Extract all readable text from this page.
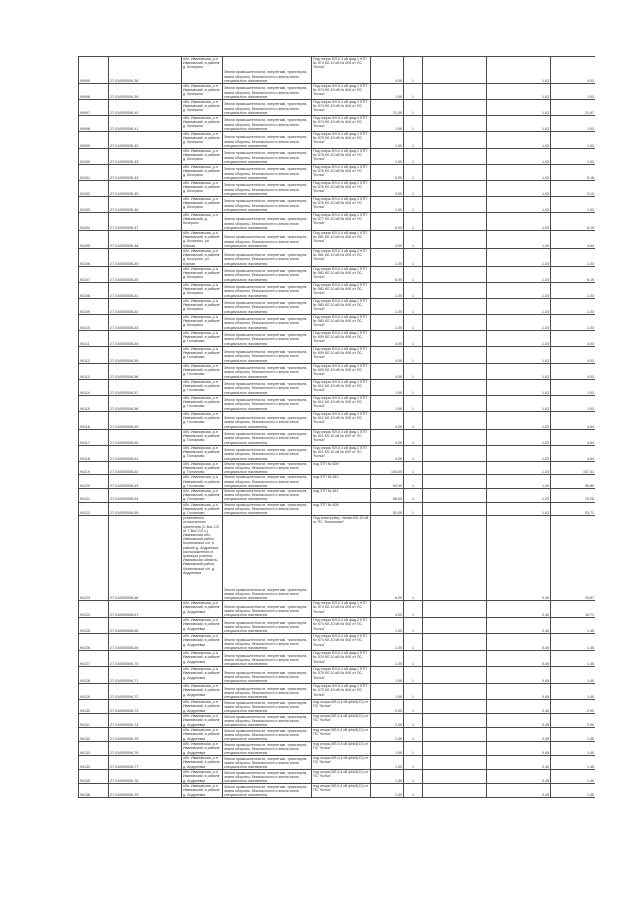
94095	27-01/00/0006-38	обл. Ивановская, р-н Ивановский, в районе д. Кочерино	Земли промышленности, энергетики, транспорта, земли обороны, безопасности и земли иного специального назначения	Под опоры ВЛ-0,4 кВ фид.1 КТП № 574 КЛ-10 кВ № 604 от ПС "Котья"	4,00	1		1,03	4,03
94096	27-01/00/0006-39	обл. Ивановская, р-н Ивановский, в районе д. Кочерино	Земли промышленности, энергетики, транспорта, земли обороны, безопасности и земли иного специального назначения	Под опоры ВЛ-0,4 кВ фид.2 КТП № 574 КЛ-10 кВ № 604 от ПС "Котья"	1,00	1		1,03	1,03
94097	27-01/00/0006-40	обл. Ивановская, р-н Ивановский, в районе д. Кочерино	Земли промышленности, энергетики, транспорта, земли обороны, безопасности и земли иного специального назначения	Под опоры ВЛ-0,4 кВ фид.3 КТП № 574 КЛ-10 кВ № 604 от ПС "Котья"	21,00	1		1,03	21,67
94098	27-01/00/0006-41	обл. Ивановская, р-н Ивановский, в районе д. Кочерино	Земли промышленности, энергетики, транспорта, земли обороны, безопасности и земли иного специального назначения	Под опоры ВЛ-0,4 кВ фид.4 КТП № 574 КЛ-10 кВ № 604 от ПС "Котья"	1,00	1		1,03	1,03
94099	27-01/00/0006-42	обл. Ивановская, р-н Ивановский, в районе д. Кочерино	Земли промышленности, энергетики, транспорта, земли обороны, безопасности и земли иного специального назначения	Под опоры ВЛ-0,4 кВ фид.1 КТП № 575 КЛ-10 кВ № 604 от ПС "Котья"	1,00	1		1,03	1,03
94100	27-01/00/0006-43	обл. Ивановская, р-н Ивановский, в районе д. Кочерино	Земли промышленности, энергетики, транспорта, земли обороны, безопасности и земли иного специального назначения	Под опоры ВЛ-0,4 кВ фид.2 КТП № 575 КЛ-10 кВ № 604 от ПС "Котья"	1,00	1		1,03	1,03
94101	27-01/00/0006-44	обл. Ивановская, р-н Ивановский, в районе д. Кочерино	Земли промышленности, энергетики, транспорта, земли обороны, безопасности и земли иного специального назначения	Под опоры ВЛ-0,4 кВ фид.1 КТП № 576 КЛ-10 кВ № 604 от ПС "Котья"	5,00	1		1,03	5,16
94102	27-01/00/0006-45	обл. Ивановская, р-н Ивановский, в районе д. Кочерино	Земли промышленности, энергетики, транспорта, земли обороны, безопасности и земли иного специального назначения	Под опоры ВЛ-0,4 кВ фид.2 КТП № 576 КЛ-10 кВ № 604 от ПС "Котья"	3,00	1		1,03	3,10
94103	27-01/00/0006-46	обл. Ивановская, р-н Ивановский, в районе д. Кочерино	Земли промышленности, энергетики, транспорта, земли обороны, безопасности и земли иного специального назначения	Под опоры ВЛ-0,4 кВ фид.3 КТП № 576 КЛ-10 кВ № 604 от ПС "Котья"	1,00	1		1,03	1,03
94104	27-01/00/0006-47	обл. Ивановская, р-н Ивановский, д. Кочерино	Земли промышленности, энергетики, транспорта, земли обороны, безопасности и земли иного специального назначения	Под опоры ВЛ-0,4 кВ фид.1 КТП № 577 КЛ-10 кВ № 604 от ПС "Котья"	6,00	1		1,03	6,19
94105	27-01/00/0006-48	обл. Ивановская, р-н Ивановский, в районе д. Кочерино, ул. Южная	Земли промышленности, энергетики, транспорта, земли обороны, безопасности и земли иного специального назначения	Под опоры ВЛ-0,4 кВ фид.1 КТП № 581 КЛ-10 кВ № 604 от ПС "Котья"	4,00	1		1,03	4,64
94106	27-01/00/0006-49	обл. Ивановская, р-н Ивановский, в районе д. Кочерино, ул. Южная	Земли промышленности, энергетики, транспорта, земли обороны, безопасности и земли иного специального назначения	Под опоры ВЛ-0,4 кВ фид.2 КТП № 581 КЛ-10 кВ № 604 от ПС "Котья"	1,00	1		1,03	1,03
94107	27-01/00/0006-50	обл. Ивановская, р-н Ивановский, в районе д. Кочерино	Земли промышленности, энергетики, транспорта, земли обороны, безопасности и земли иного специального назначения	Под опоры ВЛ-0,4 кВ фид.1 КТП № 582 КЛ-10 кВ № 604 от ПС "Котья"	6,00	1		1,03	6,19
94108	27-01/00/0006-51	обл. Ивановская, р-н Ивановский, в районе д. Кочерино	Земли промышленности, энергетики, транспорта, земли обороны, безопасности и земли иного специального назначения	Под опоры ВЛ-0,4 кВ фид.2 КТП № 582 КЛ-10 кВ № 604 от ПС "Котья"	1,00	1		1,03	1,03
94109	27-01/00/0006-52	обл. Ивановская, р-н Ивановский, в районе д. Кочерино	Земли промышленности, энергетики, транспорта, земли обороны, безопасности и земли иного специального назначения	Под опоры ВЛ-0,4 кВ фид.1 КТП № 583 КЛ-10 кВ № 604 от ПС "Котья"	1,00	1		1,03	1,03
94110	27-01/00/0006-53	обл. Ивановская, р-н Ивановский, в районе д. Кочерино	Земли промышленности, энергетики, транспорта, земли обороны, безопасности и земли иного специального назначения	Под опоры ВЛ-0,4 кВ фид.2 КТП № 583 КЛ-10 кВ № 604 от ПС "Котья"	1,00	1		1,03	1,03
94111	27-01/00/0006-54	обл. Ивановская, р-н Ивановский, в районе д. Голчаново	Земли промышленности, энергетики, транспорта, земли обороны, безопасности и земли иного специального назначения	Под опоры ВЛ-0,4 кВ фид.1 КТП № 609 КЛ-10 кВ № 609 от ПС "Котья"	4,00	1		1,03	4,03
94112	27-01/00/0006-55	обл. Ивановская, р-н Ивановский, в районе д. Голчаново	Земли промышленности, энергетики, транспорта, земли обороны, безопасности и земли иного специального назначения	Под опоры ВЛ-0,4 кВ фид.2 КТП № 609 КЛ-10 кВ № 609 от ПС "Котья"	4,00	1		1,03	4,03
94113	27-01/00/0006-56	обл. Ивановская, р-н Ивановский, в районе д. Голчаново	Земли промышленности, энергетики, транспорта, земли обороны, безопасности и земли иного специального назначения	Под опоры ВЛ-0,4 кВ фид.3 КТП № 609 КЛ-10 кВ № 609 от ПС "Котья"	4,00	1		1,03	4,03
94114	27-01/00/0006-57	обл. Ивановская, р-н Ивановский, в районе д. Голчаново	Земли промышленности, энергетики, транспорта, земли обороны, безопасности и земли иного специального назначения	Под опоры ВЛ-0,4 кВ фид.1 КТП № 610 КЛ-10 кВ № 609 от ПС "Котья"	1,00	1		1,03	1,03
94115	27-01/00/0006-58	обл. Ивановская, р-н Ивановский, в районе д. Голчаново	Земли промышленности, энергетики, транспорта, земли обороны, безопасности и земли иного специального назначения	Под опоры ВЛ-0,4 кВ фид.2 КТП № 610 КЛ-10 кВ № 609 от ПС "Котья"	1,00	1		1,03	1,03
94116	27-01/00/0006-59	обл. Ивановская, р-н Ивановский, в районе д. Голчаново	Земли промышленности, энергетики, транспорта, земли обороны, безопасности и земли иного специального назначения	Под опоры ВЛ-0,4 кВ фид.3 КТП № 610 КЛ-10 кВ № 609 от ПС "Котья"	4,00	1		1,03	4,64
94117	27-01/00/0006-60	обл. Ивановская, р-н Ивановский, в районе д. Голчаново	Земли промышленности, энергетики, транспорта, земли обороны, безопасности и земли иного специального назначения	Под опоры ВЛ-0,4 кВ фид.1 КТП № 611 КЛ-10 кВ № 609 от ПС "Котья"	4,00	1		1,03	4,64
94118	27-01/00/0006-61	обл. Ивановская, р-н Ивановский, в районе д. Голчаново	Земли промышленности, энергетики, транспорта, земли обороны, безопасности и земли иного специального назначения	Под опоры ВЛ-0,4 кВ фид.2 КТП № 611 КЛ-10 кВ № 609 от ПС "Котья"	4,00	1		1,03	4,64
94119	27-01/00/0006-62	обл. Ивановская, р-н Ивановский, в районе д. Голчаново	Земли промышленности, энергетики, транспорта, земли обороны, безопасности и земли иного специального назначения	под ЗТП № 609	104,00	1		1,03	107,41
94120	27-01/00/0006-63	обл. Ивановская, р-н Ивановский, в районе д. Голчаново	Земли промышленности, энергетики, транспорта, земли обороны, безопасности и земли иного специального назначения	под ЗТП № 610	54,00	1		1,03	55,80
94121	27-01/00/0006-64	обл. Ивановская, р-н Ивановский, в районе д. Голчаново	Земли промышленности, энергетики, транспорта, земли обороны, безопасности и земли иного специального назначения	под ЗТП № 611	68,00	1		1,03	70,25
94122	27-01/00/0006-65	обл. Ивановская, р-н Ивановский, в районе д. Голчаново	Земли промышленности, энергетики, транспорта, земли обороны, безопасности и земли иного специального назначения	под ЗТП № 609	52,00	1		1,03	53,71
94123	27-01/00/0006-66	установлено относительно ориентира (С-Вос 1/3 от Г-Вос 2/3 ч.) Ивановская обл., Ивановский район, Коляновское с/п, в районе д. Андреевка, расположенного в границах участка. Ивановская область, Ивановский район, Коляновское с/п, д. Андреевка	Земли промышленности, энергетики, транспорта, земли обороны, безопасности и земли иного специального назначения	Под электропер. линию ВЛ-10 кВ от ПС "Кольяново"	6,00	1		0,45	15,87
94124	27-01/00/0006-67	обл. Ивановская, р-н Ивановский, в районе д. Андреевка	Земли промышленности, энергетики, транспорта, земли обороны, безопасности и земли иного специального назначения	Под опоры ВЛ-0,4 кВ фид.1 КТП № 574 КЛ-10 кВ № 604 от ПС "Котья"	4,00	1		0,45	10,71
94125	27-01/00/0006-68	обл. Ивановская, р-н Ивановский, в районе д. Андреевка	Земли промышленности, энергетики, транспорта, земли обороны, безопасности и земли иного специального назначения	Под опоры ВЛ-0,4 кВ фид.2 КТП № 574 КЛ-10 кВ № 604 от ПС "Котья"	1,00	1		0,45	1,45
94126	27-01/00/0006-69	обл. Ивановская, р-н Ивановский, в районе д. Андреевка	Земли промышленности, энергетики, транспорта, земли обороны, безопасности и земли иного специального назначения	Под опоры ВЛ-0,4 кВ фид.3 КТП № 574 КЛ-10 кВ № 604 от ПС "Котья"	1,00	1		0,45	1,45
94127	27-01/00/0006-70	обл. Ивановская, р-н Ивановский, в районе д. Андреевка	Земли промышленности, энергетики, транспорта, земли обороны, безопасности и земли иного специального назначения	Под опоры ВЛ-0,4 кВ фид.4 КТП № 574 КЛ-10 кВ № 604 от ПС "Котья"	1,00	1		0,45	1,45
94128	27-01/00/0006-71	обл. Ивановская, р-н Ивановский, в районе д. Андреевка	Земли промышленности, энергетики, транспорта, земли обороны, безопасности и земли иного специального назначения	Под опоры ВЛ-0,4 кВ фид.1 КТП № 575 КЛ-10 кВ № 604 от ПС "Котья"	1,00	1		0,45	1,45
94129	27-01/00/0006-72	обл. Ивановская, р-н Ивановский, в районе д. Андреевка	Земли промышленности, энергетики, транспорта, земли обороны, безопасности и земли иного специального назначения	Под опоры ВЛ-0,4 кВ фид.2 КТП № 575 КЛ-10 кВ № 604 от ПС "Котья"	1,00	1		0,45	1,45
94130	27-01/00/0006-73	обл. Ивановская, р-н Ивановский, в районе д. Андреевка	Земли промышленности, энергетики, транспорта, земли обороны, безопасности и земли иного специального назначения	под опоры ВЛ-0,4 кВ ф№5(12) от ПС "Котья"	2,00	1		0,45	2,90
94131	27-01/00/0006-74	обл. Ивановская, р-н Ивановский, в районе д. Андреевка	Земли промышленности, энергетики, транспорта, земли обороны, безопасности и земли иного специального назначения	под опоры ВЛ-0,4 кВ ф№5(12) от ПС "Котья"	2,00	1		0,45	2,90
94132	27-01/00/0006-75	обл. Ивановская, р-н Ивановский, в районе д. Андреевка	Земли промышленности, энергетики, транспорта, земли обороны, безопасности и земли иного специального назначения	под опоры ВЛ-0,4 кВ ф№5(12) от ПС "Котья"	1,00	1		0,45	1,45
94133	27-01/00/0006-76	обл. Ивановская, р-н Ивановский, в районе д. Андреевка	Земли промышленности, энергетики, транспорта, земли обороны, безопасности и земли иного специального назначения	под опоры ВЛ-0,4 кВ ф№5(12) от ПС "Котья"	1,00	1		0,45	1,45
94134	27-01/00/0006-77	обл. Ивановская, р-н Ивановский, в районе д. Андреевка	Земли промышленности, энергетики, транспорта, земли обороны, безопасности и земли иного специального назначения	под опоры ВЛ-0,4 кВ ф№5(12) от ПС "Котья"	1,00	1		0,45	1,45
94135	27-01/00/0006-78	обл. Ивановская, р-н Ивановский, в районе д. Андреевка	Земли промышленности, энергетики, транспорта, земли обороны, безопасности и земли иного специального назначения	под опоры ВЛ-0,4 кВ ф№5(12) от ПС "Котья"	1,00	1		0,45	1,45
94136	27-01/00/0006-79	обл. Ивановская, р-н Ивановский, в районе д. Андреевка	Земли промышленности, энергетики, транспорта, земли обороны, безопасности и земли иного специального назначения	под опоры ВЛ-0,4 кВ ф№5(12) от ПС "Котья"	1,00	1		0,45	1,45
